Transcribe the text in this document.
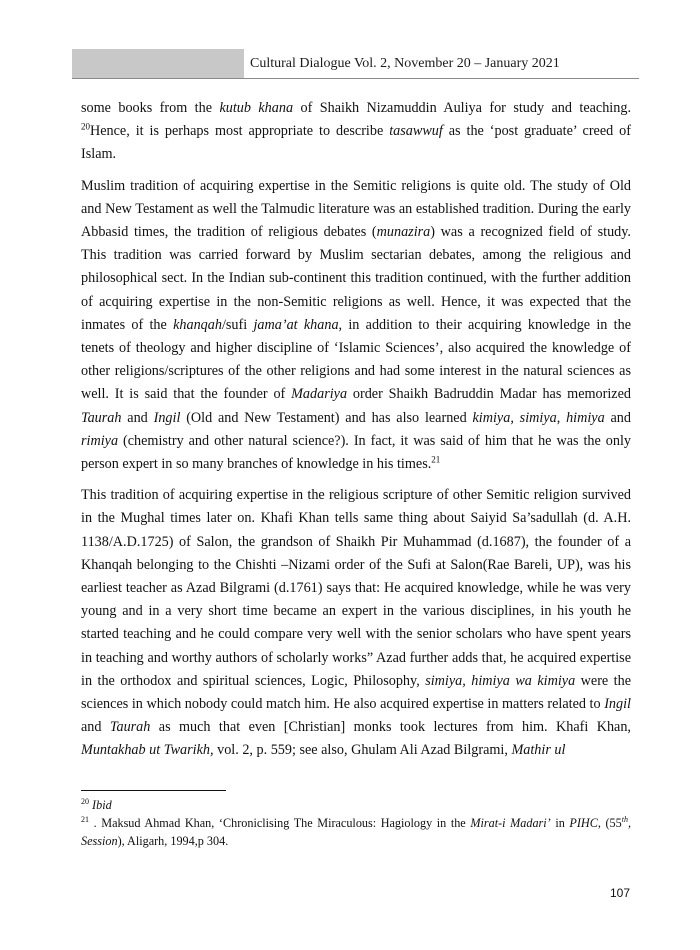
Cultural Dialogue Vol. 2, November 20 – January 2021

some books from the kutub khana of Shaikh Nizamuddin Auliya for study and teaching. $^{20}$Hence, it is perhaps most appropriate to describe tasawwuf as the ‘post graduate’ creed of Islam.

Muslim tradition of acquiring expertise in the Semitic religions is quite old. The study of Old and New Testament as well the Talmudic literature was an established tradition. During the early Abbasid times, the tradition of religious debates (munazira) was a recognized field of study. This tradition was carried forward by Muslim sectarian debates, among the religious and philosophical sect. In the Indian sub-continent this tradition continued, with the further addition of acquiring expertise in the non-Semitic religions as well. Hence, it was expected that the inmates of the khanqah/sufi jama’at khana, in addition to their acquiring knowledge in the tenets of theology and higher discipline of ‘Islamic Sciences’, also acquired the knowledge of other religions/scriptures of the other religions and had some interest in the natural sciences as well. It is said that the founder of Madariya order Shaikh Badruddin Madar has memorized Taurah and Ingil (Old and New Testament) and has also learned kimiya, simiya, himiya and rimiya (chemistry and other natural science?). In fact, it was said of him that he was the only person expert in so many branches of knowledge in his times.$^{21}$

This tradition of acquiring expertise in the religious scripture of other Semitic religion survived in the Mughal times later on. Khafi Khan tells same thing about Saiyid Sa’sadullah (d. A.H. 1138/A.D.1725) of Salon, the grandson of Shaikh Pir Muhammad (d.1687), the founder of a Khanqah belonging to the Chishti –Nizami order of the Sufi at Salon(Rae Bareli, UP), was his earliest teacher as Azad Bilgrami (d.1761) says that: He acquired knowledge, while he was very young and in a very short time became an expert in the various disciplines, in his youth he started teaching and he could compare very well with the senior scholars who have spent years in teaching and worthy authors of scholarly works” Azad further adds that, he acquired expertise in the orthodox and spiritual sciences, Logic, Philosophy, simiya, himiya wa kimiya were the sciences in which nobody could match him. He also acquired expertise in matters related to Ingil and Taurah as much that even [Christian] monks took lectures from him. Khafi Khan, Muntakhab ut Twarikh, vol. 2, p. 559; see also, Ghulam Ali Azad Bilgrami, Mathir ul

$^{20}$ Ibid

$^{21}$ . Maksud Ahmad Khan, ‘Chroniclising The Miraculous: Hagiology in the Mirat-i Madari’ in PIHC, (55th, Session), Aligarh, 1994,p 304.

107
